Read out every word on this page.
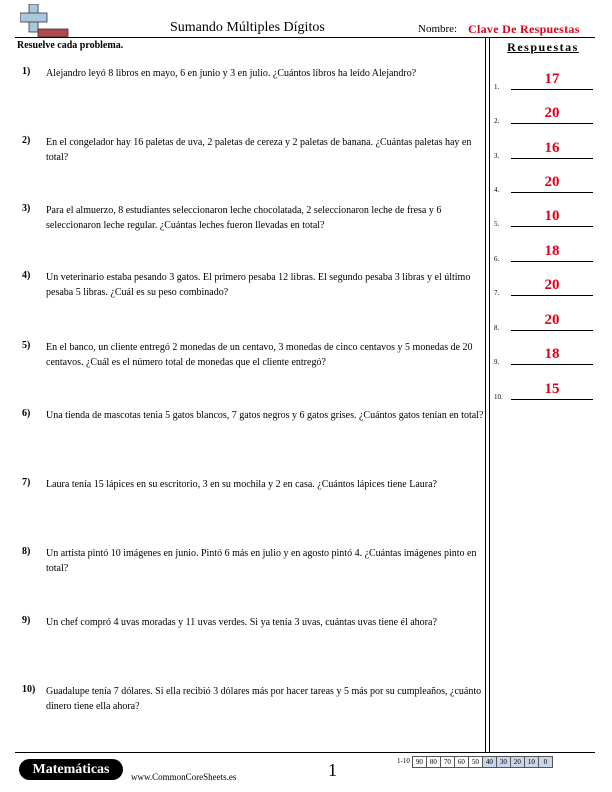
Sumando Múltiples Dígitos	Nombre: Clave De Respuestas
Resuelve cada problema.
1) Alejandro leyó 8 libros en mayo, 6 en junio y 3 en julio. ¿Cuántos libros ha leído Alejandro?
2) En el congelador hay 16 paletas de uva, 2 paletas de cereza y 2 paletas de banana. ¿Cuántas paletas hay en total?
3) Para el almuerzo, 8 estudiantes seleccionaron leche chocolatada, 2 seleccionaron leche de fresa y 6 seleccionaron leche regular. ¿Cuántas leches fueron llevadas en total?
4) Un veterinario estaba pesando 3 gatos. El primero pesaba 12 libras. El segundo pesaba 3 libras y el último pesaba 5 libras. ¿Cuál es su peso combinado?
5) En el banco, un cliente entregó 2 monedas de un centavo, 3 monedas de cinco centavos y 5 monedas de 20 centavos. ¿Cuál es el número total de monedas que el cliente entregó?
6) Una tienda de mascotas tenia 5 gatos blancos, 7 gatos negros y 6 gatos grises. ¿Cuántos gatos tenían en total?
7) Laura tenía 15 lápices en su escritorio, 3 en su mochila y 2 en casa. ¿Cuántos lápices tiene Laura?
8) Un artista pintó 10 imágenes en junio. Pintó 6 más en julio y en agosto pintó 4. ¿Cuántas imágenes pinto en total?
9) Un chef compró 4 uvas moradas y 11 uvas verdes. Si ya tenía 3 uvas, cuántas uvas tiene él ahora?
10) Guadalupe tenía 7 dólares. Si ella recibió 3 dólares más por hacer tareas y 5 más por su cumpleaños, ¿cuánto dinero tiene ella ahora?
Respuestas
1.	17
2.	20
3.	16
4.	20
5.	10
6.	18
7.	20
8.	20
9.	18
10.	15
Matemáticas	www.CommonCoreSheets.es	1	1-10 90	80	70	60	50	40	30	20	10	0
